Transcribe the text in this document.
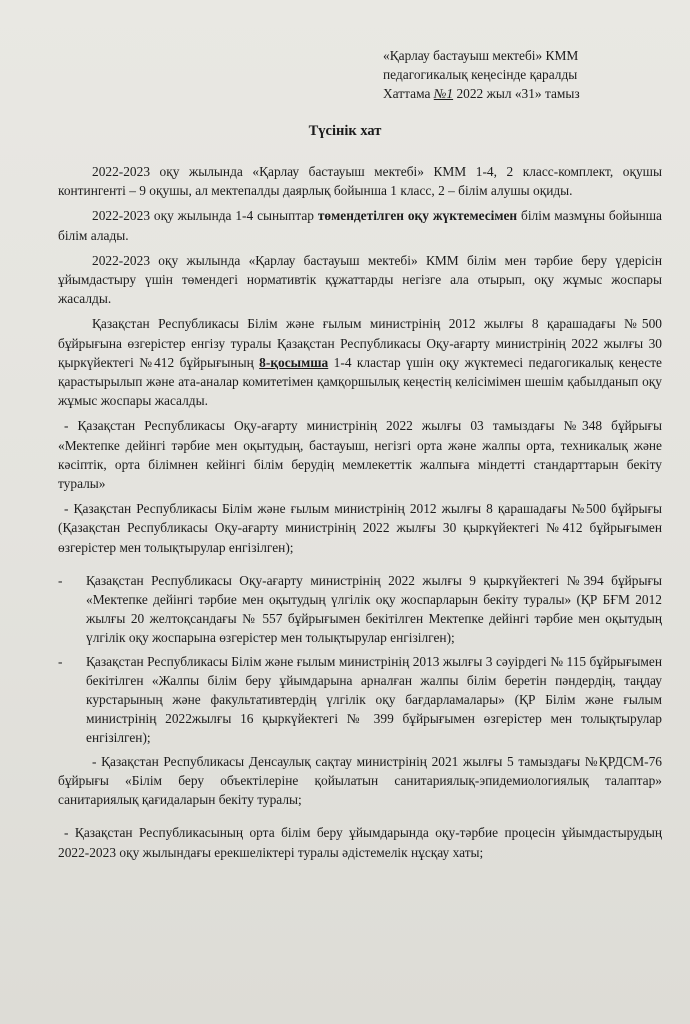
«Қарлау бастауыш мектебі» КММ
педагогикалық кеңесінде қаралды
Хаттама №1 2022 жыл «31» тамыз
Түсінік хат

2022-2023 оқу жылында «Қарлау бастауыш мектебі» КММ 1-4, 2 класс-комплект, оқушы контингенті – 9 оқушы, ал мектепалды даярлық бойынша 1 класс, 2 – білім алушы оқиды.

2022-2023 оқу жылында 1-4 сыныптар төмендетілген оқу жүктемесімен білім мазмұны бойынша білім алады.

2022-2023 оқу жылында «Қарлау бастауыш мектебі» КММ білім мен тәрбие беру үдерісін ұйымдастыру үшін төмендегі нормативтік құжаттарды негізге ала отырып, оқу жұмыс жоспары жасалды.

Қазақстан Республикасы Білім және ғылым министрінің 2012 жылғы 8 қарашадағы №500 бұйрығына өзгерістер енгізу туралы Қазақстан Республикасы Оқу-ағарту министрінің 2022 жылғы 30 қыркүйектегі №412 бұйрығының 8-қосымша 1-4 кластар үшін оқу жүктемесі педагогикалық кеңесте қарастырылып және ата-аналар комитетімен қамқоршылық кеңестің келісімімен шешім қабылданып оқу жұмыс жоспары жасалды.

- Қазақстан Республикасы Оқу-ағарту министрінің 2022 жылғы 03 тамыздағы №348 бұйрығы «Мектепке дейінгі тәрбие мен оқытудың, бастауыш, негізгі орта және жалпы орта, техникалық және кәсіптік, орта білімнен кейінгі білім берудің мемлекеттік жалпыға міндетті стандарттарын бекіту туралы»

- Қазақстан Республикасы Білім және ғылым министрінің 2012 жылғы 8 қарашадағы №500 бұйрығы (Қазақстан Республикасы Оқу-ағарту министрінің 2022 жылғы 30 қыркүйектегі №412 бұйрығымен өзгерістер мен толықтырулар енгізілген);

-	Қазақстан Республикасы Оқу-ағарту министрінің 2022 жылғы 9 қыркүйектегі №394 бұйрығы «Мектепке дейінгі тәрбие мен оқытудың үлгілік оқу жоспарларын бекіту туралы» (ҚР БҒМ 2012 жылғы 20 желтоқсандағы № 557 бұйрығымен бекітілген Мектепке дейінгі тәрбие мен оқытудың үлгілік оқу жоспарына өзгерістер мен толықтырулар енгізілген);
-	Қазақстан Республикасы Білім және ғылым министрінің 2013 жылғы 3 сәуірдегі № 115 бұйрығымен бекітілген «Жалпы білім беру ұйымдарына арналған жалпы білім беретін пәндердің, таңдау курстарының және факультативтердің үлгілік оқу бағдарламалары» (ҚР Білім және ғылым министрінің 2022жылғы 16 қыркүйектегі № 399 бұйрығымен өзгерістер мен толықтырулар енгізілген);

- Қазақстан Республикасы Денсаулық сақтау министрінің 2021 жылғы 5 тамыздағы №ҚРДСМ-76 бұйрығы «Білім беру объектілеріне қойылатын санитариялық-эпидемиологиялық талаптар» санитариялық қағидаларын бекіту туралы;

- Қазақстан Республикасының орта білім беру ұйымдарында оқу-тәрбие процесін ұйымдастырудың 2022-2023 оқу жылындағы ерекшеліктері туралы әдістемелік нұсқау хаты;
